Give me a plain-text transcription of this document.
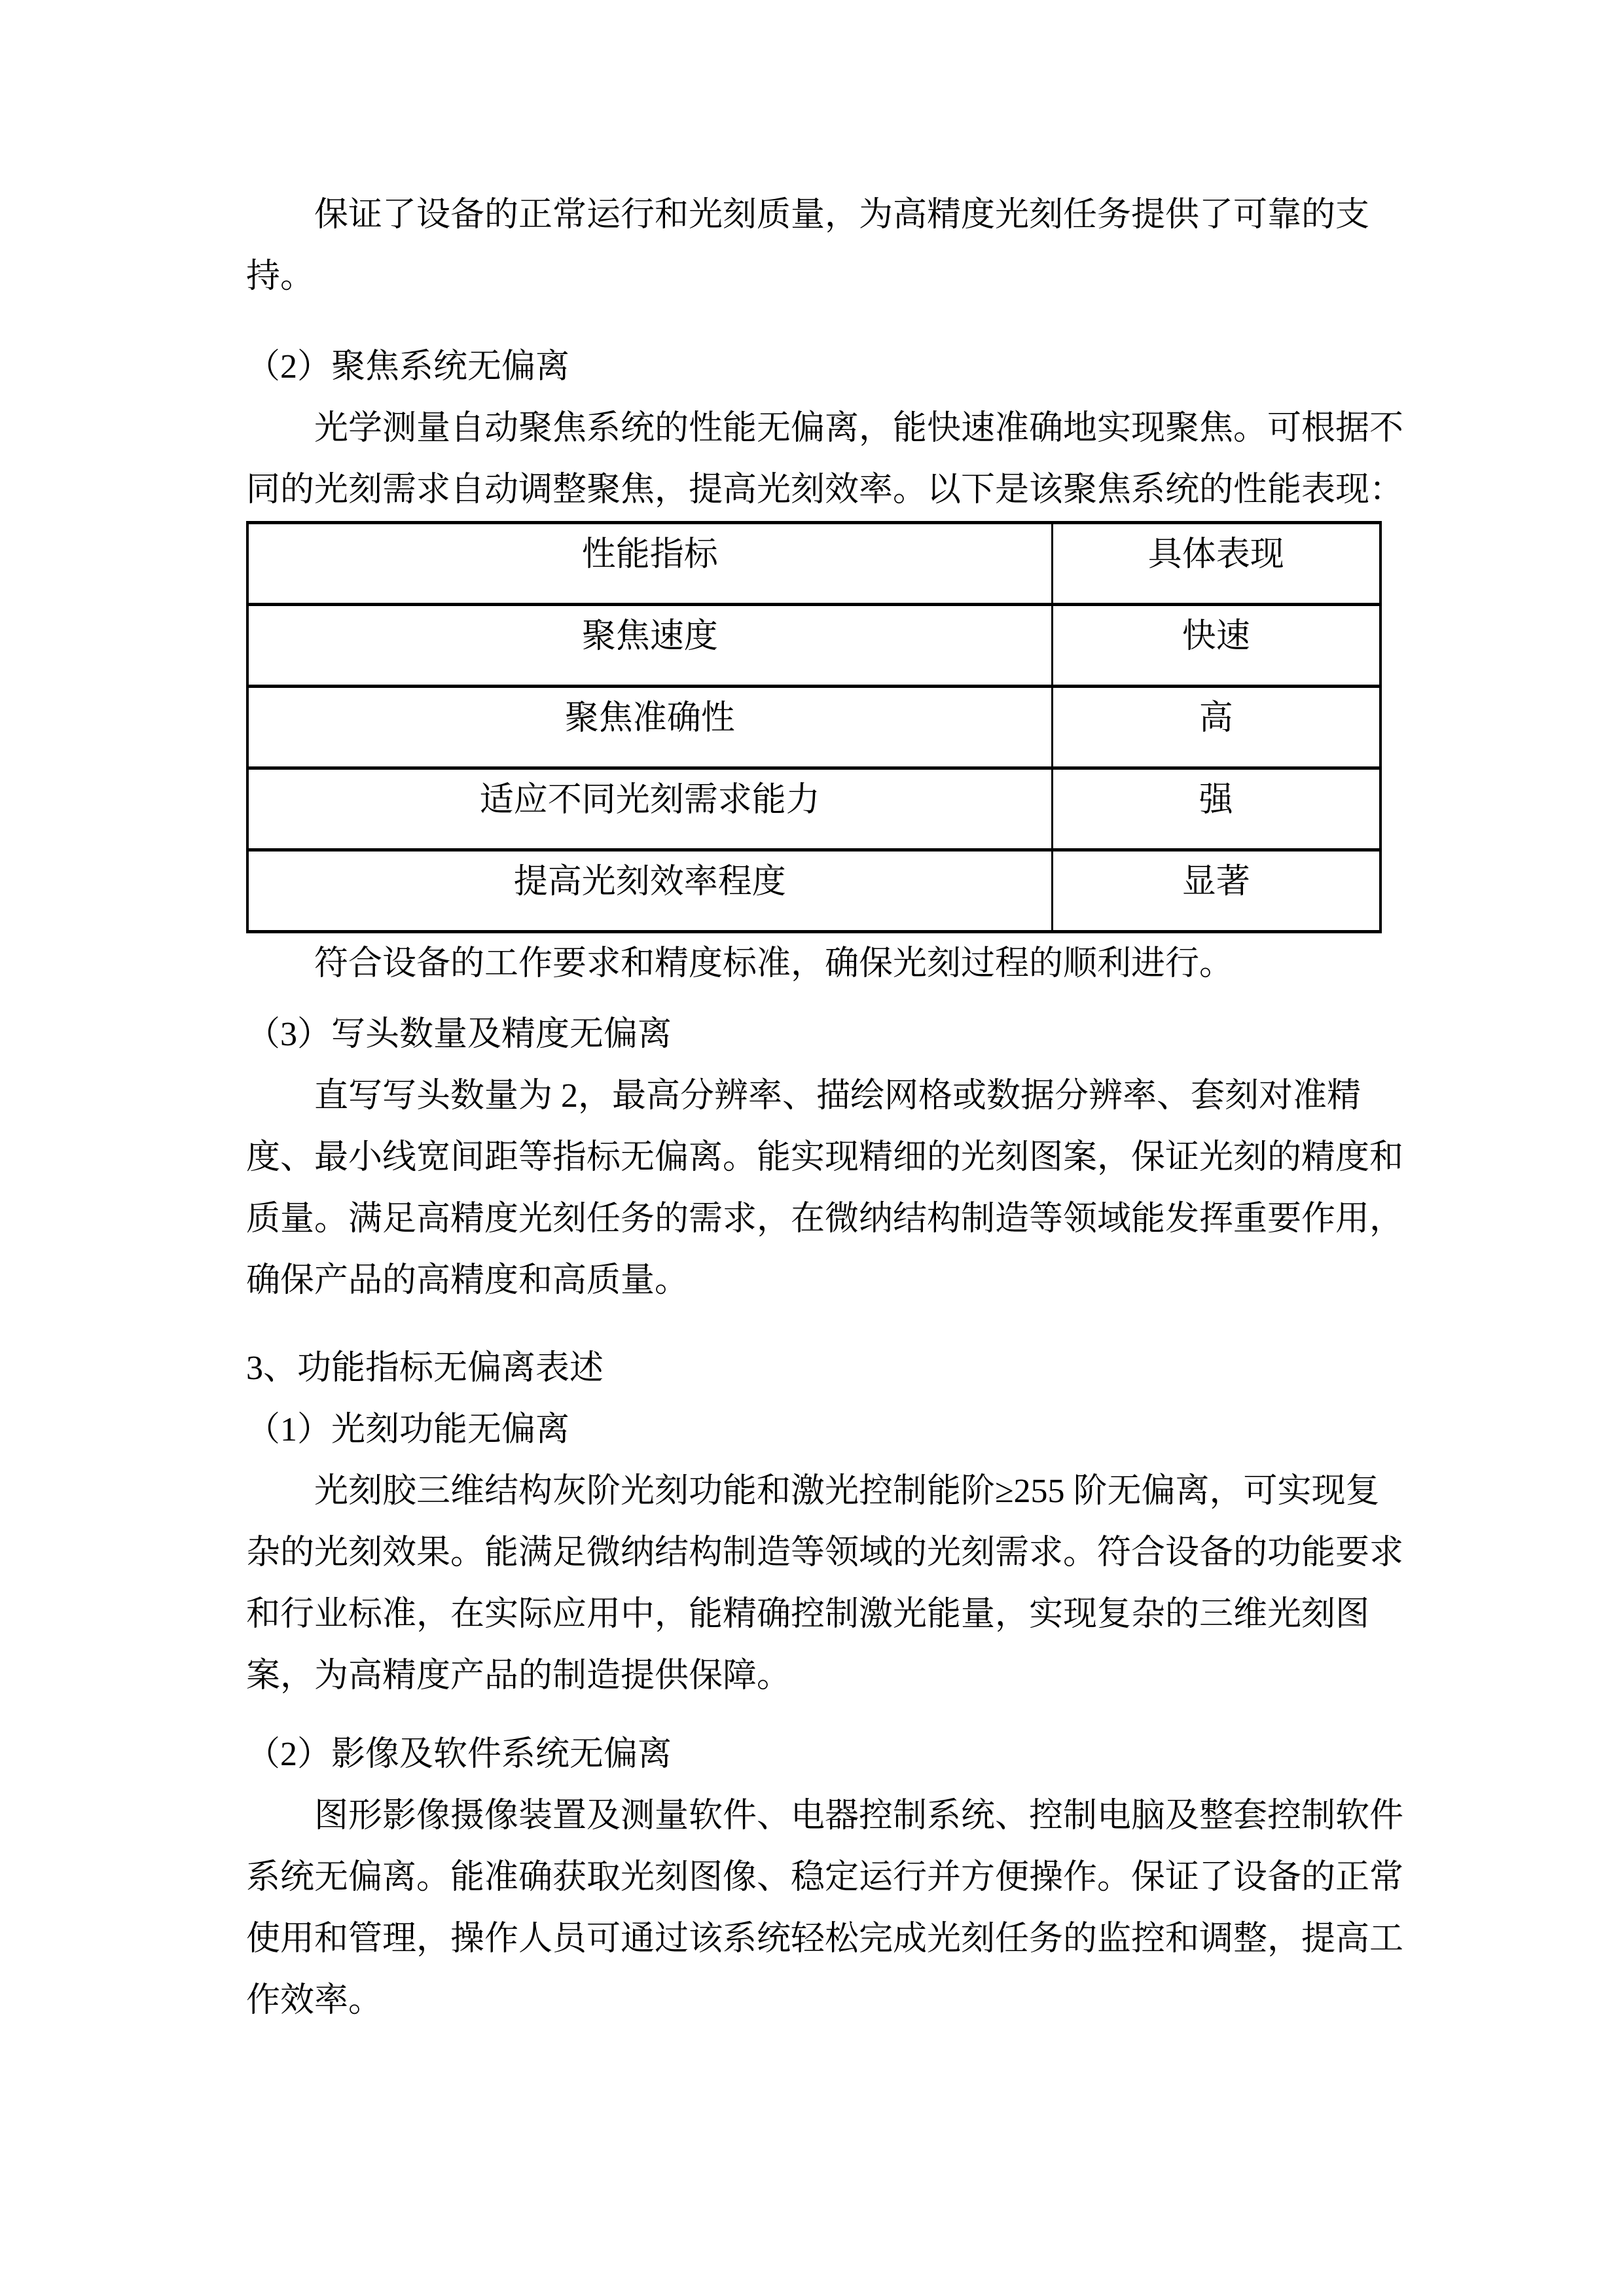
保证了设备的正常运行和光刻质量，为高精度光刻任务提供了可靠的支
持。

（2）聚焦系统无偏离

光学测量自动聚焦系统的性能无偏离，能快速准确地实现聚焦。可根据不
同的光刻需求自动调整聚焦，提高光刻效率。以下是该聚焦系统的性能表现：

性能指标	具体表现
聚焦速度	快速
聚焦准确性	高
适应不同光刻需求能力	强
提高光刻效率程度	显著

符合设备的工作要求和精度标准，确保光刻过程的顺利进行。

（3）写头数量及精度无偏离

直写写头数量为 2，最高分辨率、描绘网格或数据分辨率、套刻对准精
度、最小线宽间距等指标无偏离。能实现精细的光刻图案，保证光刻的精度和
质量。满足高精度光刻任务的需求，在微纳结构制造等领域能发挥重要作用，
确保产品的高精度和高质量。

3、功能指标无偏离表述
（1）光刻功能无偏离

光刻胶三维结构灰阶光刻功能和激光控制能阶≥255 阶无偏离，可实现复
杂的光刻效果。能满足微纳结构制造等领域的光刻需求。符合设备的功能要求
和行业标准，在实际应用中，能精确控制激光能量，实现复杂的三维光刻图
案，为高精度产品的制造提供保障。

（2）影像及软件系统无偏离

图形影像摄像装置及测量软件、电器控制系统、控制电脑及整套控制软件
系统无偏离。能准确获取光刻图像、稳定运行并方便操作。保证了设备的正常
使用和管理，操作人员可通过该系统轻松完成光刻任务的监控和调整，提高工
作效率。
